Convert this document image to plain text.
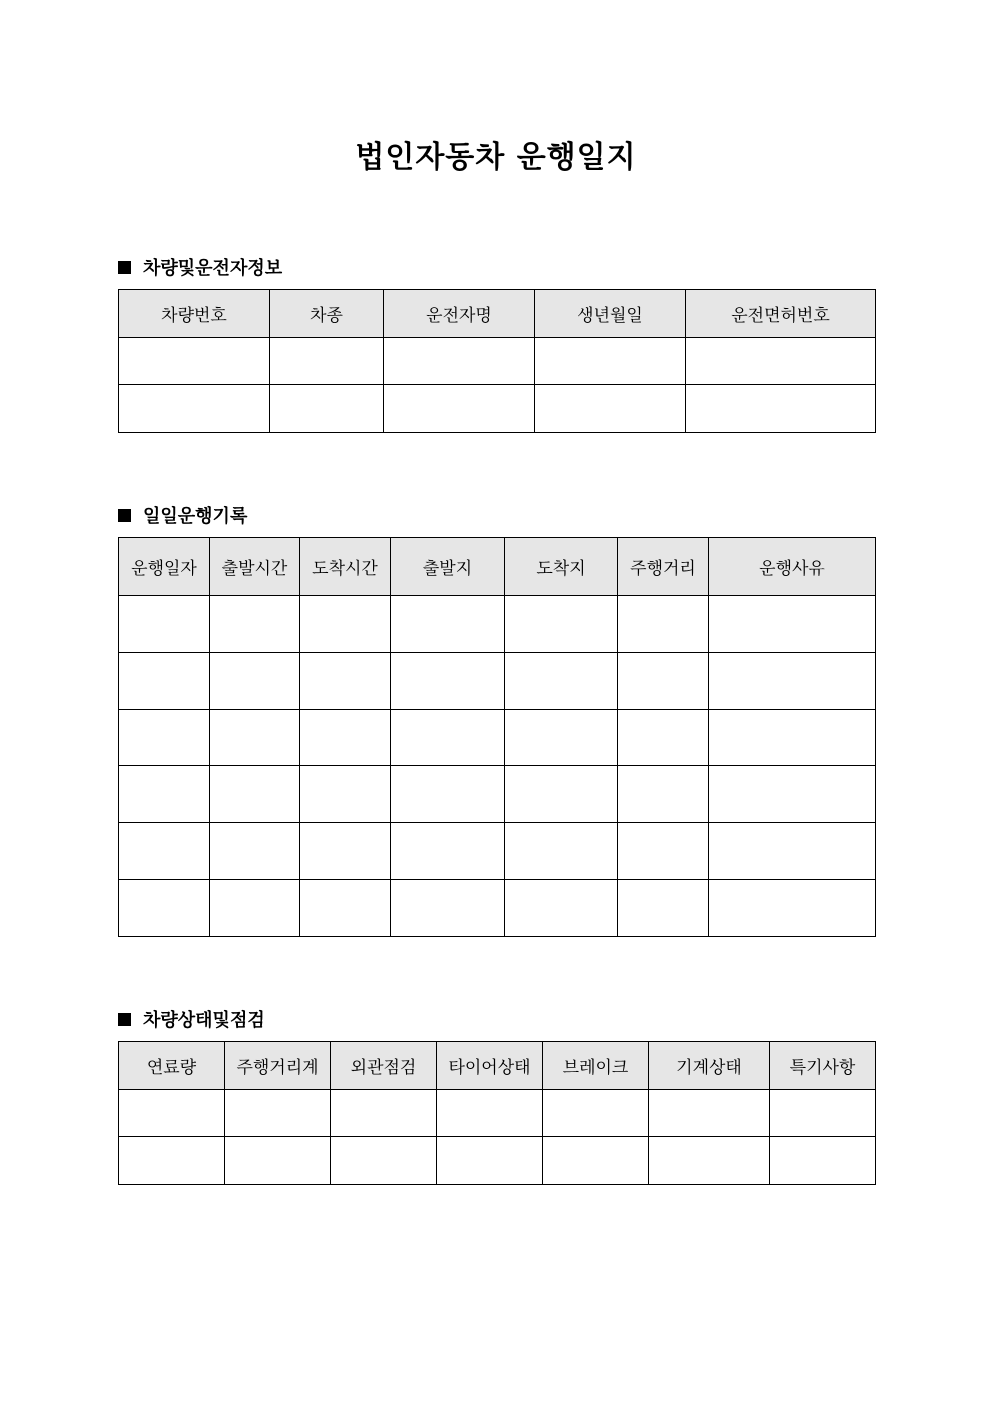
법인자동차 운행일지
차량및운전자정보
차량번호	차종	운전자명	생년월일	운전면허번호

일일운행기록
운행일자	출발시간	도착시간	출발지	도착지	주행거리	운행사유

차량상태및점검
연료량	주행거리계	외관점검	타이어상태	브레이크	기계상태	특기사항
